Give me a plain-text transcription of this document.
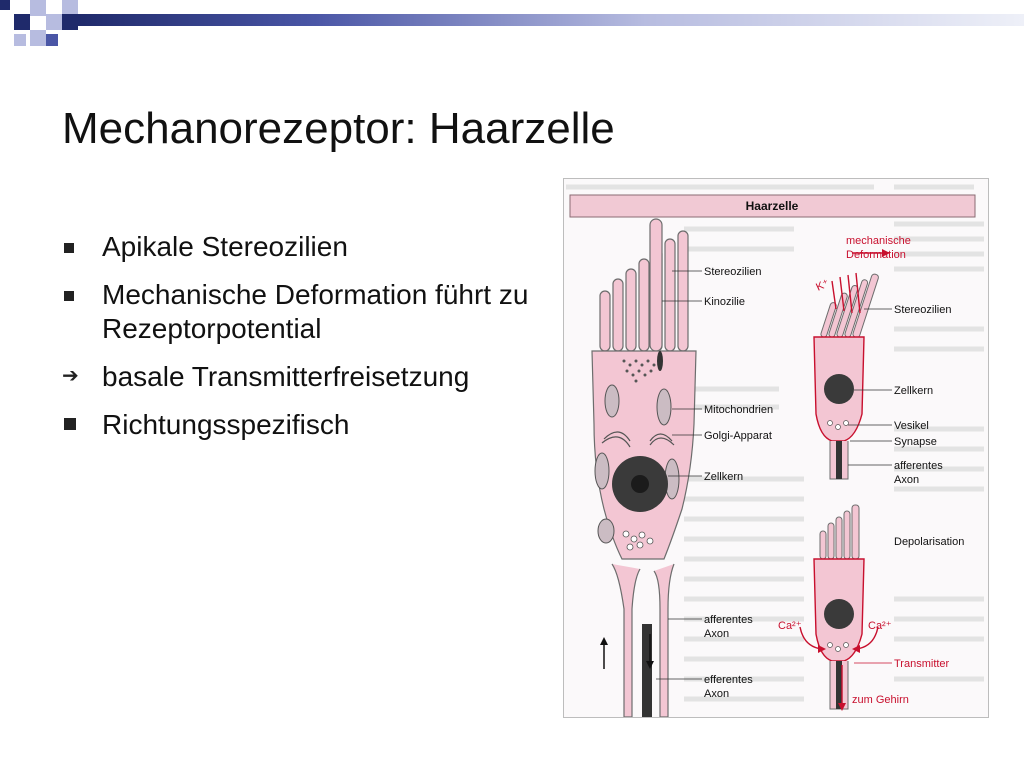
Mechanorezeptor: Haarzelle
Apikale Stereozilien
Mechanische Deformation führt zu Rezeptorpotential
➔ basale Transmitterfreisetzung
Richtungsspezifisch
Haarzelle
Stereozilien
Kinozilie
Mitochondrien
Golgi-Apparat
Zellkern
afferentes
Axon
efferentes
Axon
K⁺
mechanische
Deformation
Stereozilien
Zellkern
Vesikel
Synapse
afferentes
Axon
Ca²⁺	Ca²⁺
Depolarisation
Transmitter
zum Gehirn
